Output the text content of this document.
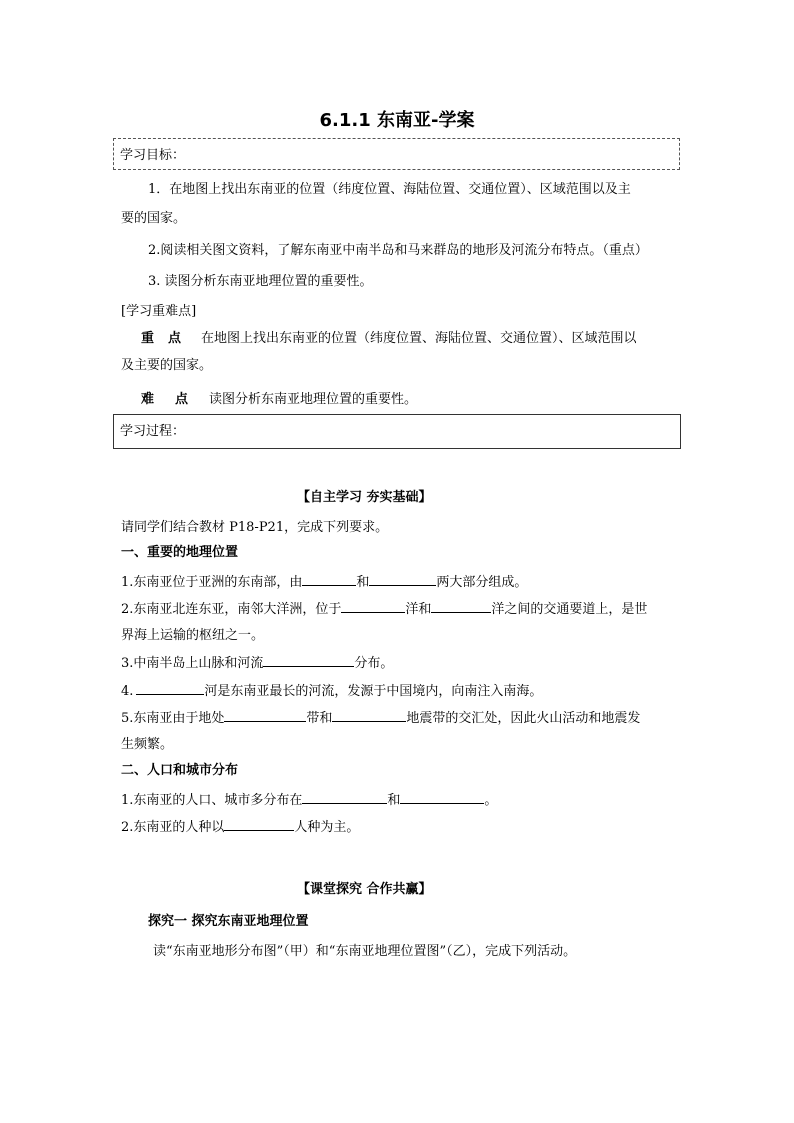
6.1.1 东南亚-学案
学习目标：
1．在地图上找出东南亚的位置（纬度位置、海陆位置、交通位置）、区域范围以及主
要的国家。
2.阅读相关图文资料，了解东南亚中南半岛和马来群岛的地形及河流分布特点。（重点）
3. 读图分析东南亚地理位置的重要性。
[学习重难点]
重 点 在地图上找出东南亚的位置（纬度位置、海陆位置、交通位置）、区域范围以
及主要的国家。
难 点 读图分析东南亚地理位置的重要性。
学习过程：
【自主学习 夯实基础】
请同学们结合教材 P18-P21，完成下列要求。
一、重要的地理位置
1.东南亚位于亚洲的东南部，由	和	两大部分组成。
2.东南亚北连东亚，南邻大洋洲，位于	洋和	洋之间的交通要道上，是世
界海上运输的枢纽之一。
3.中南半岛上山脉和河流	分布。
4.	河是东南亚最长的河流，发源于中国境内，向南注入南海。
5.东南亚由于地处	带和	地震带的交汇处，因此火山活动和地震发
生频繁。
二、人口和城市分布
1.东南亚的人口、城市多分布在	和	。
2.东南亚的人种以	人种为主。
【课堂探究 合作共赢】
探究一 探究东南亚地理位置
读“东南亚地形分布图”（甲）和“东南亚地理位置图”（乙），完成下列活动。
